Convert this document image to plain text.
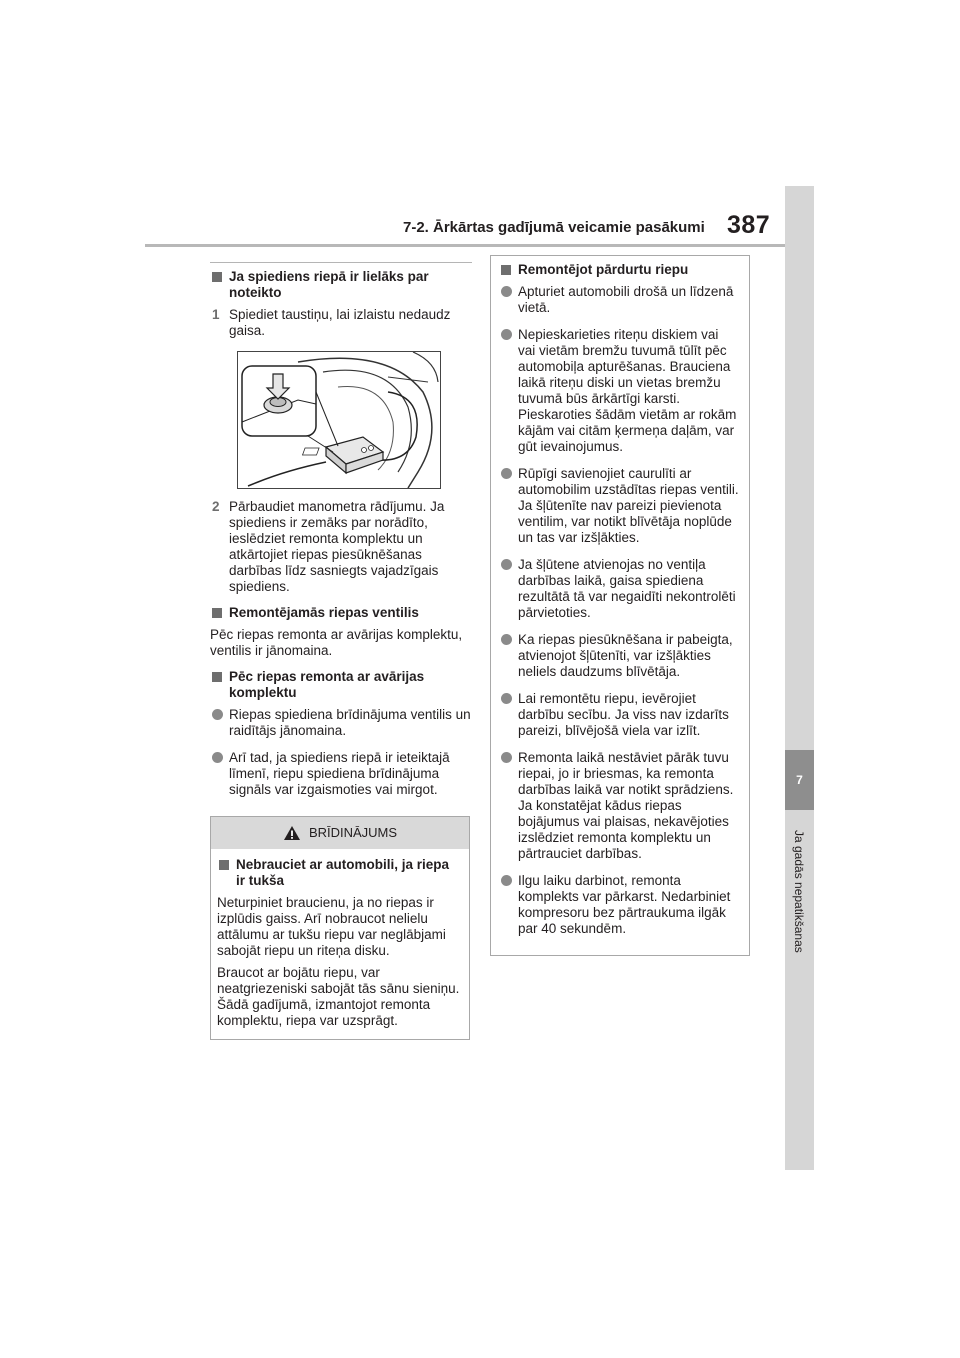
7-2. Ārkārtas gadījumā veicamie pasākumi 387
7
Ja gadās nepatikšanas
Ja spiediens riepā ir lielāks par noteikto
1 Spiediet taustiņu, lai izlaistu nedaudz gaisa.
2 Pārbaudiet manometra rādījumu. Ja spiediens ir zemāks par norādīto, ieslēdziet remonta komplektu un atkārtojiet riepas piesūknēšanas darbības līdz sasniegts vajadzīgais spiediens.
Remontējamās riepas ventilis

Pēc riepas remonta ar avārijas komplektu, ventilis ir jānomaina.

Pēc riepas remonta ar avārijas komplektu
Riepas spiediena brīdinājuma ventilis un raidītājs jānomaina.
Arī tad, ja spiediens riepā ir ieteiktajā līmenī, riepu spiediena brīdinājuma signāls var izgaismoties vai mirgot.
BRĪDINĀJUMS
Nebrauciet ar automobili, ja riepa ir tukša

Neturpiniet braucienu, ja no riepas ir izplūdis gaiss. Arī nobraucot nelielu attālumu ar tukšu riepu var neglābjami sabojāt riepu un riteņa disku.

Braucot ar bojātu riepu, var neatgriezeniski sabojāt tās sānu sieniņu. Šādā gadījumā, izmantojot remonta komplektu, riepa var uzsprāgt.

Remontējot pārdurtu riepu
Apturiet automobili drošā un līdzenā vietā.
Nepieskarieties riteņu diskiem vai vai vietām bremžu tuvumā tūlīt pēc automobiļa apturēšanas. Brauciena laikā riteņu diski un vietas bremžu tuvumā būs ārkārtīgi karsti. Pieskaroties šādām vietām ar rokām kājām vai citām ķermeņa daļām, var gūt ievainojumus.
Rūpīgi savienojiet caurulīti ar automobilim uzstādītas riepas ventili. Ja šļūtenīte nav pareizi pievienota ventilim, var notikt blīvētāja noplūde un tas var izšļākties.
Ja šļūtene atvienojas no ventiļa darbības laikā, gaisa spiediena rezultātā tā var negaidīti nekontrolēti pārvietoties.
Ka riepas piesūknēšana ir pabeigta, atvienojot šļūtenīti, var izšļākties neliels daudzums blīvētāja.
Lai remontētu riepu, ievērojiet darbību secību. Ja viss nav izdarīts pareizi, blīvējošā viela var izlīt.
Remonta laikā nestāviet pārāk tuvu riepai, jo ir briesmas, ka remonta darbības laikā var notikt sprādziens. Ja konstatējat kādus riepas bojājumus vai plaisas, nekavējoties izslēdziet remonta komplektu un pārtrauciet darbības.
Ilgu laiku darbinot, remonta komplekts var pārkarst. Nedarbiniet kompresoru bez pārtraukuma ilgāk par 40 sekundēm.
